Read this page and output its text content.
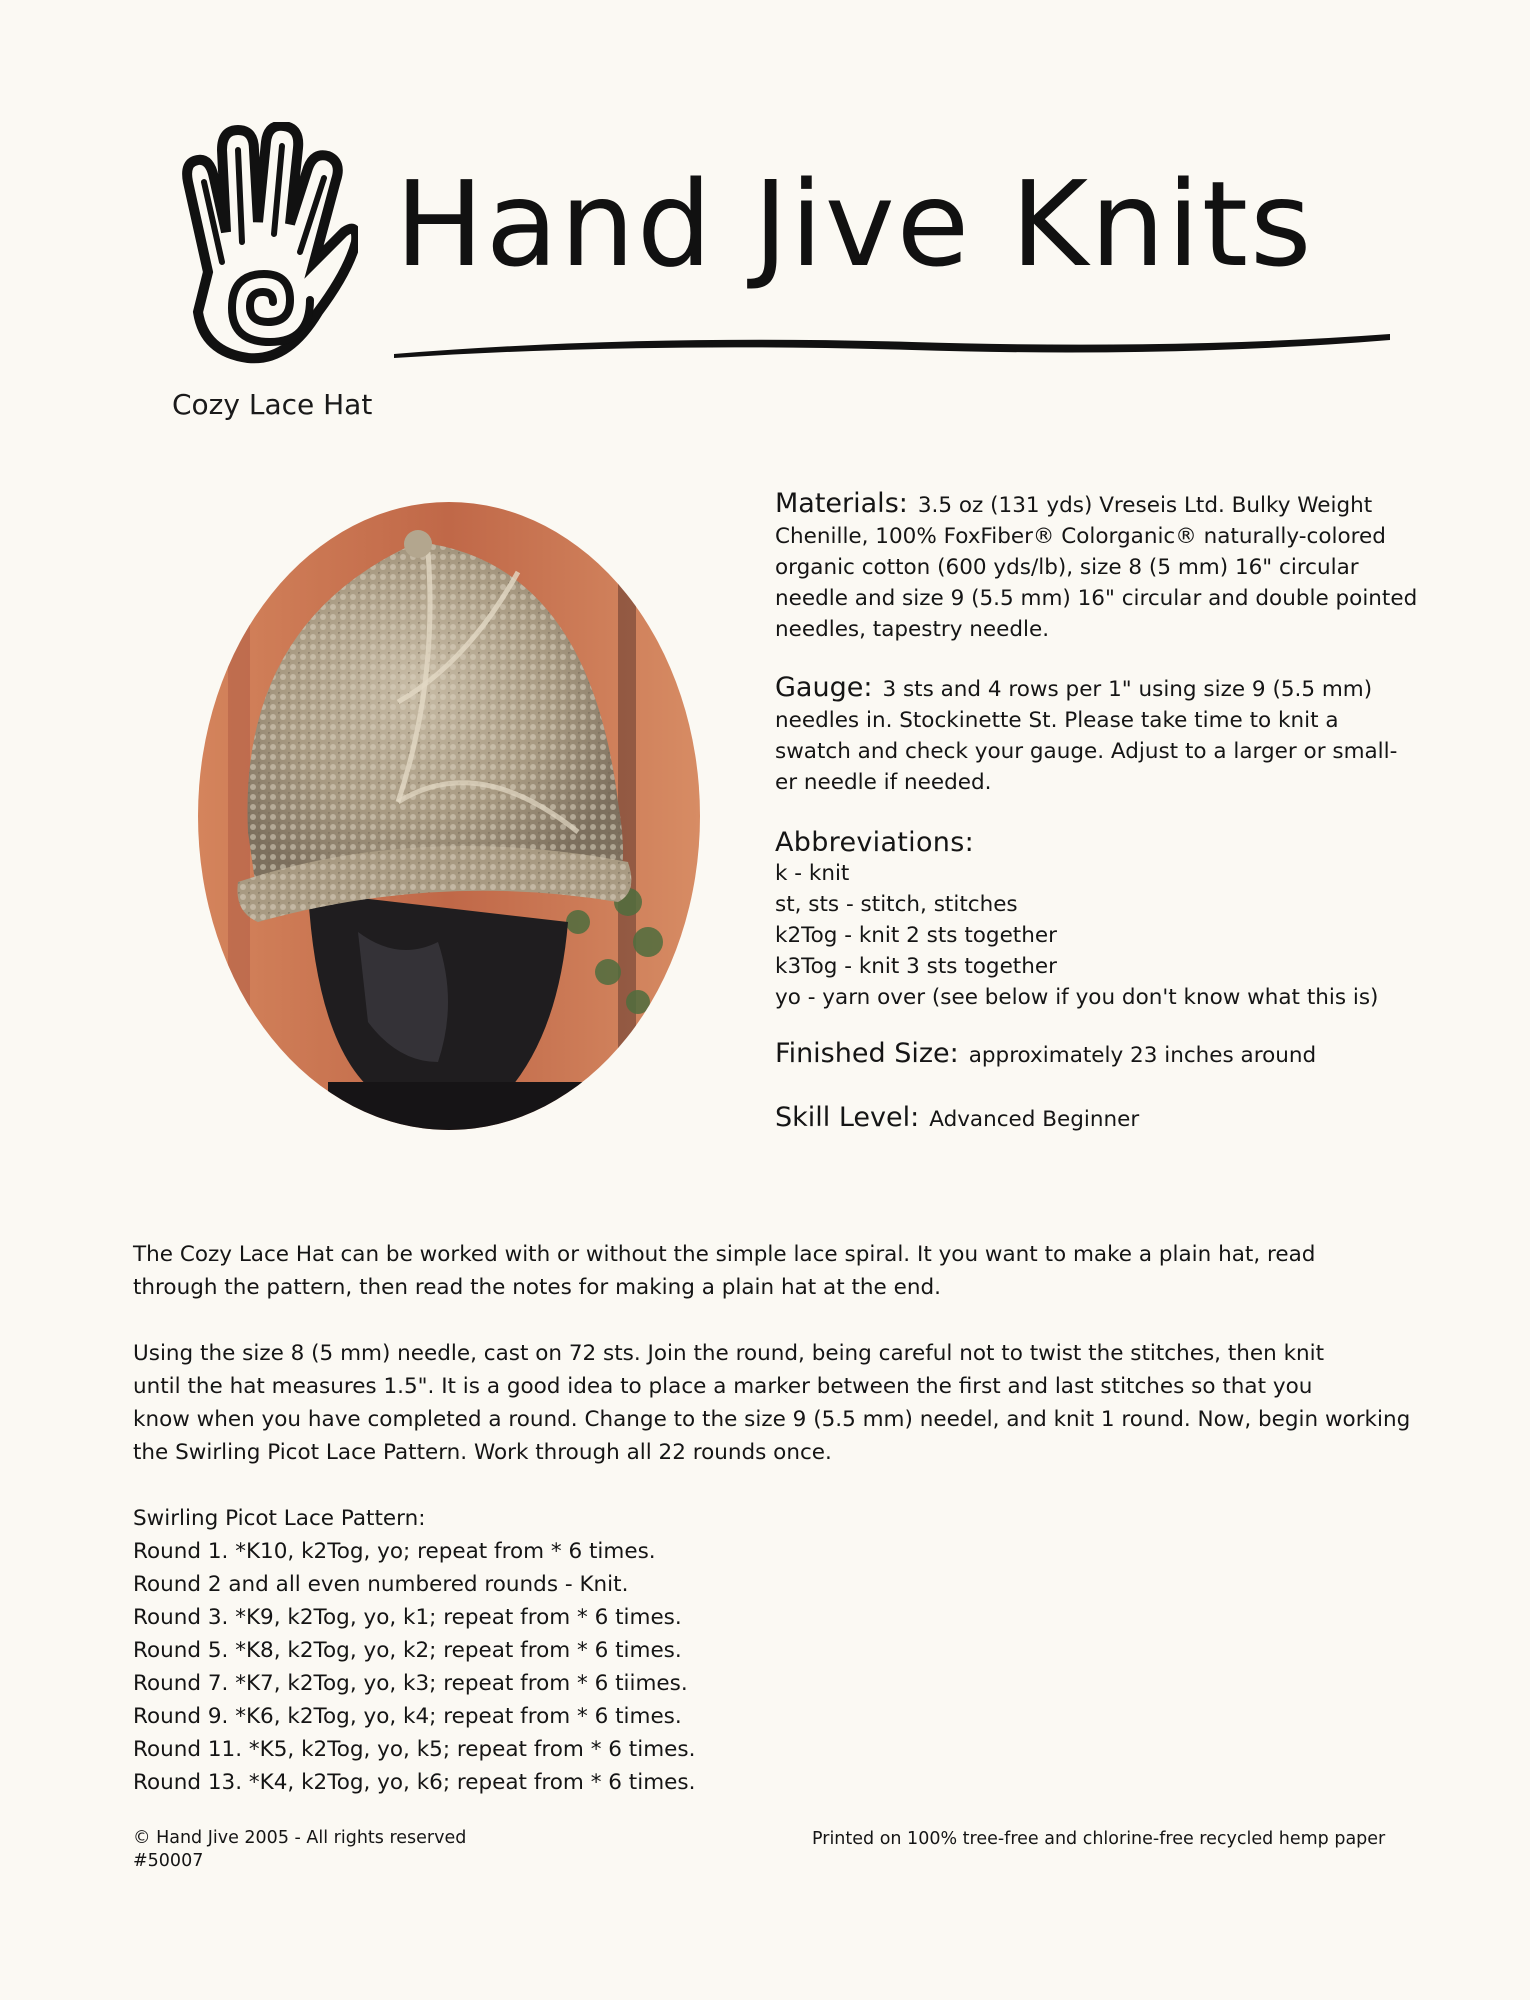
Hand Jive Knits
Cozy Lace Hat
Materials: 3.5 oz (131 yds) Vreseis Ltd. Bulky Weight
Chenille, 100% FoxFiber® Colorganic® naturally-colored
organic cotton (600 yds/lb), size 8 (5 mm) 16" circular
needle and size 9 (5.5 mm) 16" circular and double pointed
needles, tapestry needle.
Gauge: 3 sts and 4 rows per 1" using size 9 (5.5 mm)
needles in. Stockinette St. Please take time to knit a
swatch and check your gauge. Adjust to a larger or small-
er needle if needed.
Abbreviations:
k - knit
st, sts - stitch, stitches
k2Tog - knit 2 sts together
k3Tog - knit 3 sts together
yo - yarn over (see below if you don't know what this is)
Finished Size: approximately 23 inches around
Skill Level: Advanced Beginner
The Cozy Lace Hat can be worked with or without the simple lace spiral. It you want to make a plain hat, read
through the pattern, then read the notes for making a plain hat at the end.
Using the size 8 (5 mm) needle, cast on 72 sts. Join the round, being careful not to twist the stitches, then knit
until the hat measures 1.5". It is a good idea to place a marker between the first and last stitches so that you
know when you have completed a round. Change to the size 9 (5.5 mm) needel, and knit 1 round. Now, begin working
the Swirling Picot Lace Pattern. Work through all 22 rounds once.
Swirling Picot Lace Pattern:
Round 1. *K10, k2Tog, yo; repeat from * 6 times.
Round 2 and all even numbered rounds - Knit.
Round 3. *K9, k2Tog, yo, k1; repeat from * 6 times.
Round 5. *K8, k2Tog, yo, k2; repeat from * 6 times.
Round 7. *K7, k2Tog, yo, k3; repeat from * 6 tiimes.
Round 9. *K6, k2Tog, yo, k4; repeat from * 6 times.
Round 11. *K5, k2Tog, yo, k5; repeat from * 6 times.
Round 13. *K4, k2Tog, yo, k6; repeat from * 6 times.
© Hand Jive 2005 - All rights reserved
#50007
Printed on 100% tree-free and chlorine-free recycled hemp paper
